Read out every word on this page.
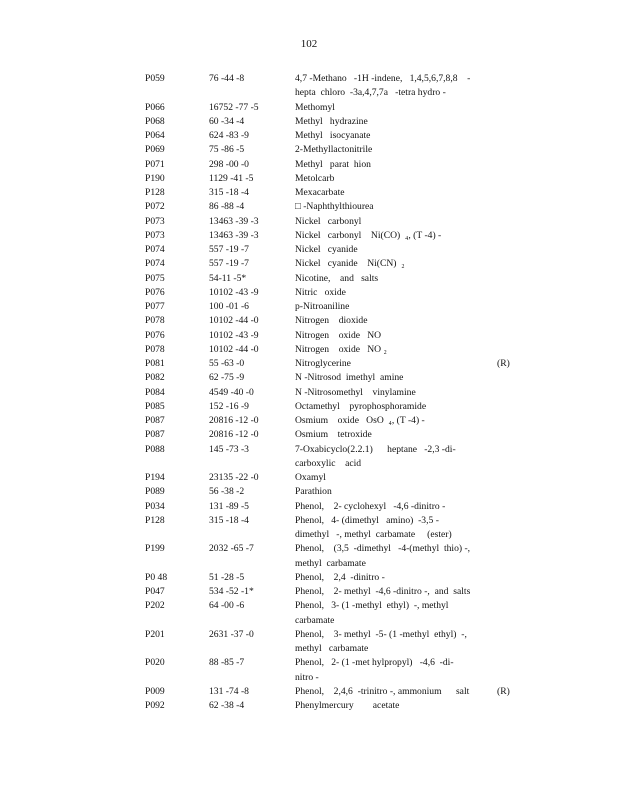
102
P059	76 -44 -8	4,7 -Methano   -1H -indene,   1,4,5,6,7,8,8    -
hepta  chloro  -3a,4,7,7a   -tetra hydro -
P066	16752 -77 -5	Methomyl
P068	60 -34 -4	Methyl   hydrazine
P064	624 -83 -9	Methyl   isocyanate
P069	75 -86 -5	2-Methyllactonitrile
P071	298 -00 -0	Methyl   parat  hion
P190	1129 -41 -5	Metolcarb
P128	315 -18 -4	Mexacarbate
P072	86 -88 -4	□ -Naphthylthiourea
P073	13463 -39 -3	Nickel   carbonyl
P073	13463 -39 -3	Nickel   carbonyl    Ni(CO)  ₄, (T -4) -
P074	557 -19 -7	Nickel   cyanide
P074	557 -19 -7	Nickel   cyanide    Ni(CN)  ₂
P075	54-11 -5*	Nicotine,    and   salts
P076	10102 -43 -9	Nitric   oxide
P077	100 -01 -6	p-Nitroaniline
P078	10102 -44 -0	Nitrogen    dioxide
P076	10102 -43 -9	Nitrogen    oxide   NO
P078	10102 -44 -0	Nitrogen    oxide   NO ₂
P081	55 -63 -0	Nitroglycerine	(R)
P082	62 -75 -9	N -Nitrosod  imethyl  amine
P084	4549 -40 -0	N -Nitrosomethyl    vinylamine
P085	152 -16 -9	Octamethyl    pyrophosphoramide
P087	20816 -12 -0	Osmium    oxide   OsO  ₄, (T -4) -
P087	20816 -12 -0	Osmium    tetroxide
P088	145 -73 -3	7-Oxabicyclo(2.2.1)      heptane   -2,3 -di-
carboxylic    acid
P194	23135 -22 -0	Oxamyl
P089	56 -38 -2	Parathion
P034	131 -89 -5	Phenol,    2- cyclohexyl   -4,6 -dinitro -
P128	315 -18 -4	Phenol,   4- (dimethyl   amino)  -3,5 -
dimethyl   -, methyl  carbamate     (ester)
P199	2032 -65 -7	Phenol,    (3,5  -dimethyl   -4-(methyl  thio) -,
methyl  carbamate
P0 48	51 -28 -5	Phenol,    2,4  -dinitro -
P047	534 -52 -1*	Phenol,    2- methyl  -4,6 -dinitro -,  and  salts
P202	64 -00 -6	Phenol,   3- (1 -methyl  ethyl)  -, methyl
carbamate
P201	2631 -37 -0	Phenol,    3- methyl  -5- (1 -methyl  ethyl)  -,
methyl   carbamate
P020	88 -85 -7	Phenol,   2- (1 -met hylpropyl)   -4,6  -di-
nitro -
P009	131 -74 -8	Phenol,    2,4,6  -trinitro -, ammonium      salt	(R)
P092	62 -38 -4	Phenylmercury        acetate
